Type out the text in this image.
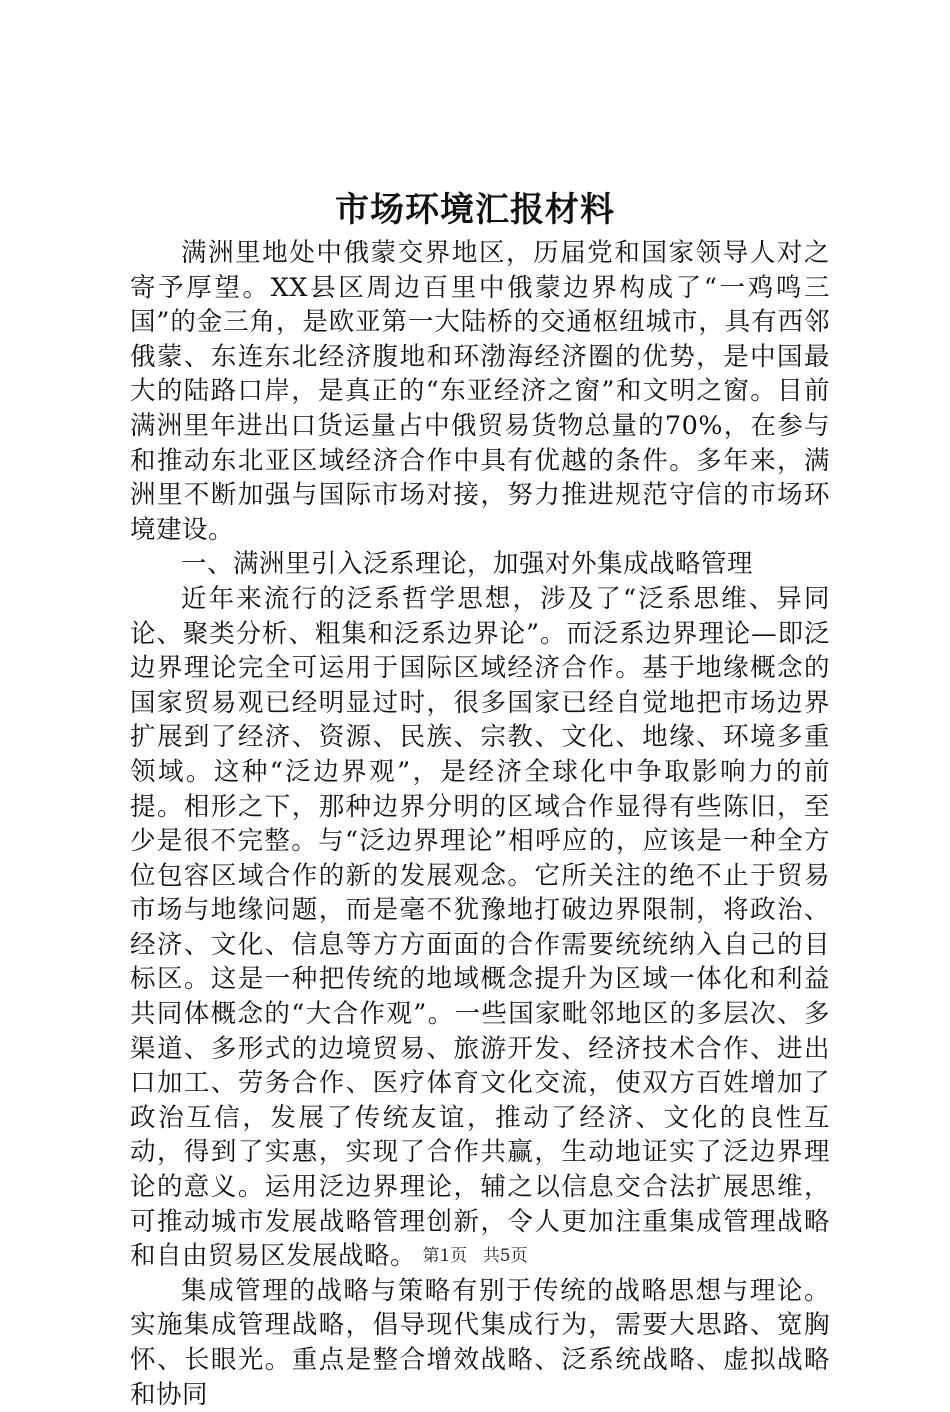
市场环境汇报材料

满洲里地处中俄蒙交界地区，历届党和国家领导人对之寄予厚望。XX县区周边百里中俄蒙边界构成了“一鸡鸣三国”的金三角，是欧亚第一大陆桥的交通枢纽城市，具有西邻俄蒙、东连东北经济腹地和环渤海经济圈的优势，是中国最大的陆路口岸，是真正的“东亚经济之窗”和文明之窗。目前满洲里年进出口货运量占中俄贸易货物总量的70%，在参与和推动东北亚区域经济合作中具有优越的条件。多年来，满洲里不断加强与国际市场对接，努力推进规范守信的市场环境建设。

一、满洲里引入泛系理论，加强对外集成战略管理

近年来流行的泛系哲学思想，涉及了“泛系思维、异同论、聚类分析、粗集和泛系边界论”。而泛系边界理论—即泛边界理论完全可运用于国际区域经济合作。基于地缘概念的国家贸易观已经明显过时，很多国家已经自觉地把市场边界扩展到了经济、资源、民族、宗教、文化、地缘、环境多重领域。这种“泛边界观”，是经济全球化中争取影响力的前提。相形之下，那种边界分明的区域合作显得有些陈旧，至少是很不完整。与“泛边界理论”相呼应的，应该是一种全方位包容区域合作的新的发展观念。它所关注的绝不止于贸易市场与地缘问题，而是毫不犹豫地打破边界限制，将政治、经济、文化、信息等方方面面的合作需要统统纳入自己的目标区。这是一种把传统的地域概念提升为区域一体化和利益共同体概念的“大合作观”。一些国家毗邻地区的多层次、多渠道、多形式的边境贸易、旅游开发、经济技术合作、进出口加工、劳务合作、医疗体育文化交流，使双方百姓增加了政治互信，发展了传统友谊，推动了经济、文化的良性互动，得到了实惠，实现了合作共赢，生动地证实了泛边界理论的意义。运用泛边界理论，辅之以信息交合法扩展思维，可推动城市发展战略管理创新，令人更加注重集成管理战略和自由贸易区发展战略。

集成管理的战略与策略有别于传统的战略思想与理论。实施集成管理战略，倡导现代集成行为，需要大思路、宽胸怀、长眼光。重点是整合增效战略、泛系统战略、虚拟战略和协同

第1页 共5页
